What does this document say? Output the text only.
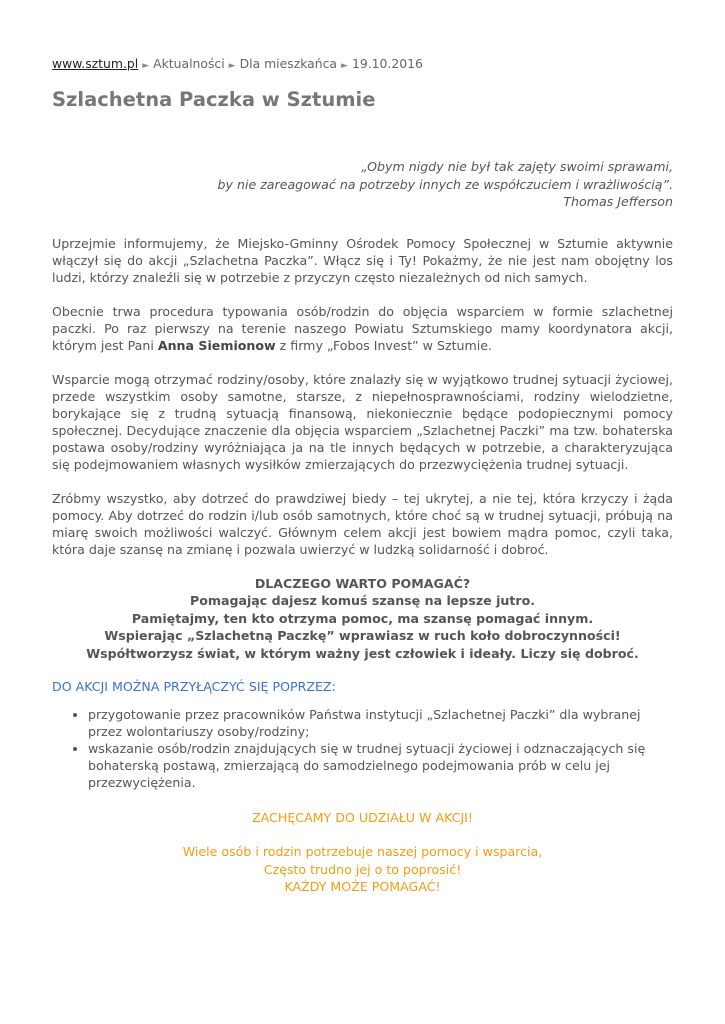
www.sztum.pl ► Aktualności ► Dla mieszkańca ► 19.10.2016
Szlachetna Paczka w Sztumie
„Obym nigdy nie był tak zajęty swoimi sprawami,
by nie zareagować na potrzeby innych ze współczuciem i wrażliwością”.
Thomas Jefferson

Uprzejmie informujemy, że Miejsko-Gminny Ośrodek Pomocy Społecznej w Sztumie aktywnie włączył się do akcji „Szlachetna Paczka”. Włącz się i Ty! Pokażmy, że nie jest nam obojętny los ludzi, którzy znaleźli się w potrzebie z przyczyn często niezależnych od nich samych.

Obecnie trwa procedura typowania osób/rodzin do objęcia wsparciem w formie szlachetnej paczki. Po raz pierwszy na terenie naszego Powiatu Sztumskiego mamy koordynatora akcji, którym jest Pani Anna Siemionow z firmy „Fobos Invest” w Sztumie.

Wsparcie mogą otrzymać rodziny/osoby, które znalazły się w wyjątkowo trudnej sytuacji życiowej, przede wszystkim osoby samotne, starsze, z niepełnosprawnościami, rodziny wielodzietne, borykające się z trudną sytuacją finansową, niekoniecznie będące podopiecznymi pomocy społecznej. Decydujące znaczenie dla objęcia wsparciem „Szlachetnej Paczki” ma tzw. bohaterska postawa osoby/rodziny wyróżniająca ja na tle innych będących w potrzebie, a charakteryzująca się podejmowaniem własnych wysiłków zmierzających do przezwyciężenia trudnej sytuacji.

Zróbmy wszystko, aby dotrzeć do prawdziwej biedy – tej ukrytej, a nie tej, która krzyczy i żąda pomocy. Aby dotrzeć do rodzin i/lub osób samotnych, które choć są w trudnej sytuacji, próbują na miarę swoich możliwości walczyć. Głównym celem akcji jest bowiem mądra pomoc, czyli taka, która daje szansę na zmianę i pozwala uwierzyć w ludzką solidarność i dobroć.

DLACZEGO WARTO POMAGAĆ?
Pomagając dajesz komuś szansę na lepsze jutro.
Pamiętajmy, ten kto otrzyma pomoc, ma szansę pomagać innym.
Wspierając „Szlachetną Paczkę” wprawiasz w ruch koło dobroczynności!
Współtworzysz świat, w którym ważny jest człowiek i ideały. Liczy się dobroć.
DO AKCJI MOŻNA PRZYŁĄCZYĆ SIĘ POPRZEZ:
• przygotowanie przez pracowników Państwa instytucji „Szlachetnej Paczki” dla wybranej przez wolontariuszy osoby/rodziny;
• wskazanie osób/rodzin znajdujących się w trudnej sytuacji życiowej i odznaczających się bohaterską postawą, zmierzającą do samodzielnego podejmowania prób w celu jej przezwyciężenia.
ZACHĘCAMY DO UDZIAŁU W AKCJI!
Wiele osób i rodzin potrzebuje naszej pomocy i wsparcia,
Często trudno jej o to poprosić!
KAŻDY MOŻE POMAGAĆ!
